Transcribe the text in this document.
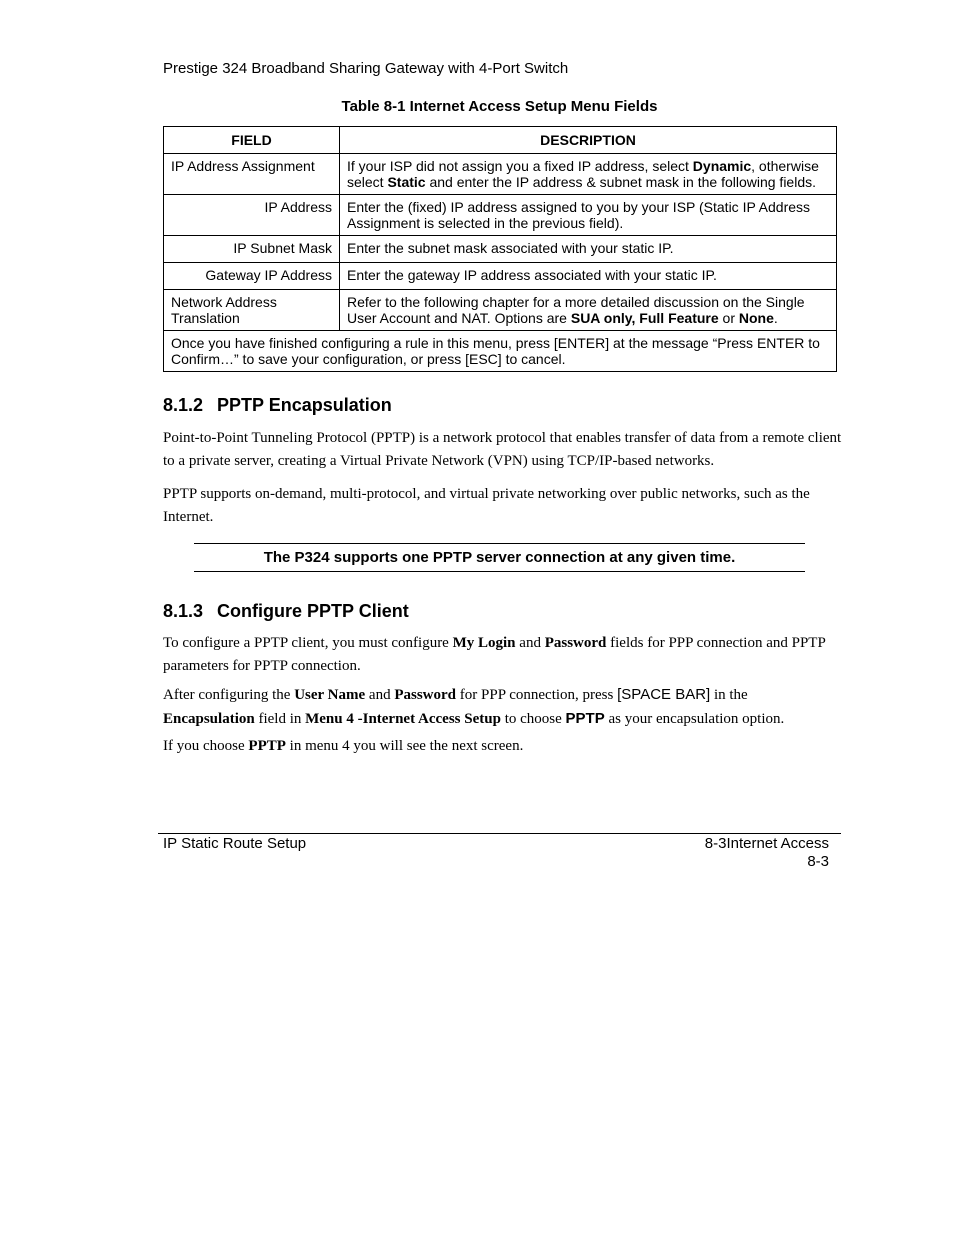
Prestige 324 Broadband Sharing Gateway with 4-Port Switch
Table 8-1 Internet Access Setup Menu Fields
FIELD	DESCRIPTION
IP Address Assignment	If your ISP did not assign you a fixed IP address, select Dynamic, otherwise select Static and enter the IP address & subnet mask in the following fields.
IP Address	Enter the (fixed) IP address assigned to you by your ISP (Static IP Address Assignment is selected in the previous field).
IP Subnet Mask	Enter the subnet mask associated with your static IP.
Gateway IP Address	Enter the gateway IP address associated with your static IP.
Network Address Translation	Refer to the following chapter for a more detailed discussion on the Single User Account and NAT. Options are SUA only, Full Feature or None.
Once you have finished configuring a rule in this menu, press [ENTER] at the message “Press ENTER to Confirm…” to save your configuration, or press [ESC] to cancel.	
8.1.2 PPTP Encapsulation
Point-to-Point Tunneling Protocol (PPTP) is a network protocol that enables transfer of data from a remote client to a private server, creating a Virtual Private Network (VPN) using TCP/IP-based networks.
PPTP supports on-demand, multi-protocol, and virtual private networking over public networks, such as the Internet.
The P324 supports one PPTP server connection at any given time.
8.1.3 Configure PPTP Client
To configure a PPTP client, you must configure My Login and Password fields for PPP connection and PPTP parameters for PPTP connection.
After configuring the User Name and Password for PPP connection, press [SPACE BAR] in the Encapsulation field in Menu 4 -Internet Access Setup to choose PPTP as your encapsulation option.
If you choose PPTP in menu 4 you will see the next screen.
IP Static Route Setup	8-3Internet Access
8-3
